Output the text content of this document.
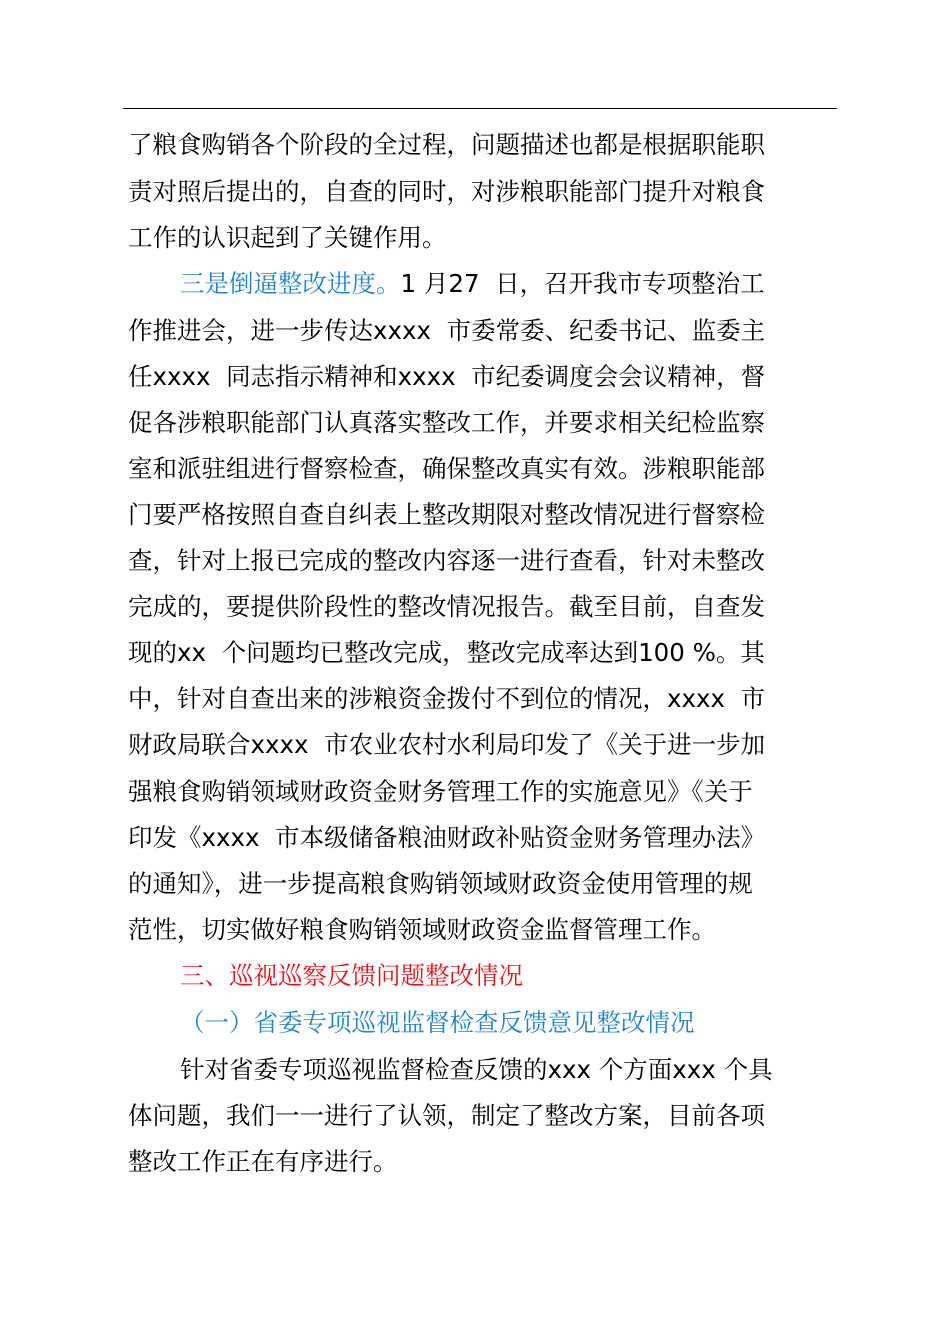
了粮食购销各个阶段的全过程，问题描述也都是根据职能职
责对照后提出的，自查的同时，对涉粮职能部门提升对粮食
工作的认识起到了关键作用。
三是倒逼整改进度。1 月27  日，召开我市专项整治工
作推进会，进一步传达xxxx  市委常委、纪委书记、监委主
任xxxx  同志指示精神和xxxx  市纪委调度会会议精神，督
促各涉粮职能部门认真落实整改工作，并要求相关纪检监察
室和派驻组进行督察检查，确保整改真实有效。涉粮职能部
门要严格按照自查自纠表上整改期限对整改情况进行督察检
查，针对上报已完成的整改内容逐一进行查看，针对未整改
完成的，要提供阶段性的整改情况报告。截至目前，自查发
现的xx  个问题均已整改完成，整改完成率达到100 %。其
中，针对自查出来的涉粮资金拨付不到位的情况，xxxx  市
财政局联合xxxx  市农业农村水利局印发了《关于进一步加
强粮食购销领域财政资金财务管理工作的实施意见》《关于
印发《xxxx  市本级储备粮油财政补贴资金财务管理办法》
的通知》，进一步提高粮食购销领域财政资金使用管理的规
范性，切实做好粮食购销领域财政资金监督管理工作。
三、巡视巡察反馈问题整改情况
（一）省委专项巡视监督检查反馈意见整改情况
针对省委专项巡视监督检查反馈的xxx 个方面xxx 个具
体问题，我们一一进行了认领，制定了整改方案，目前各项
整改工作正在有序进行。
